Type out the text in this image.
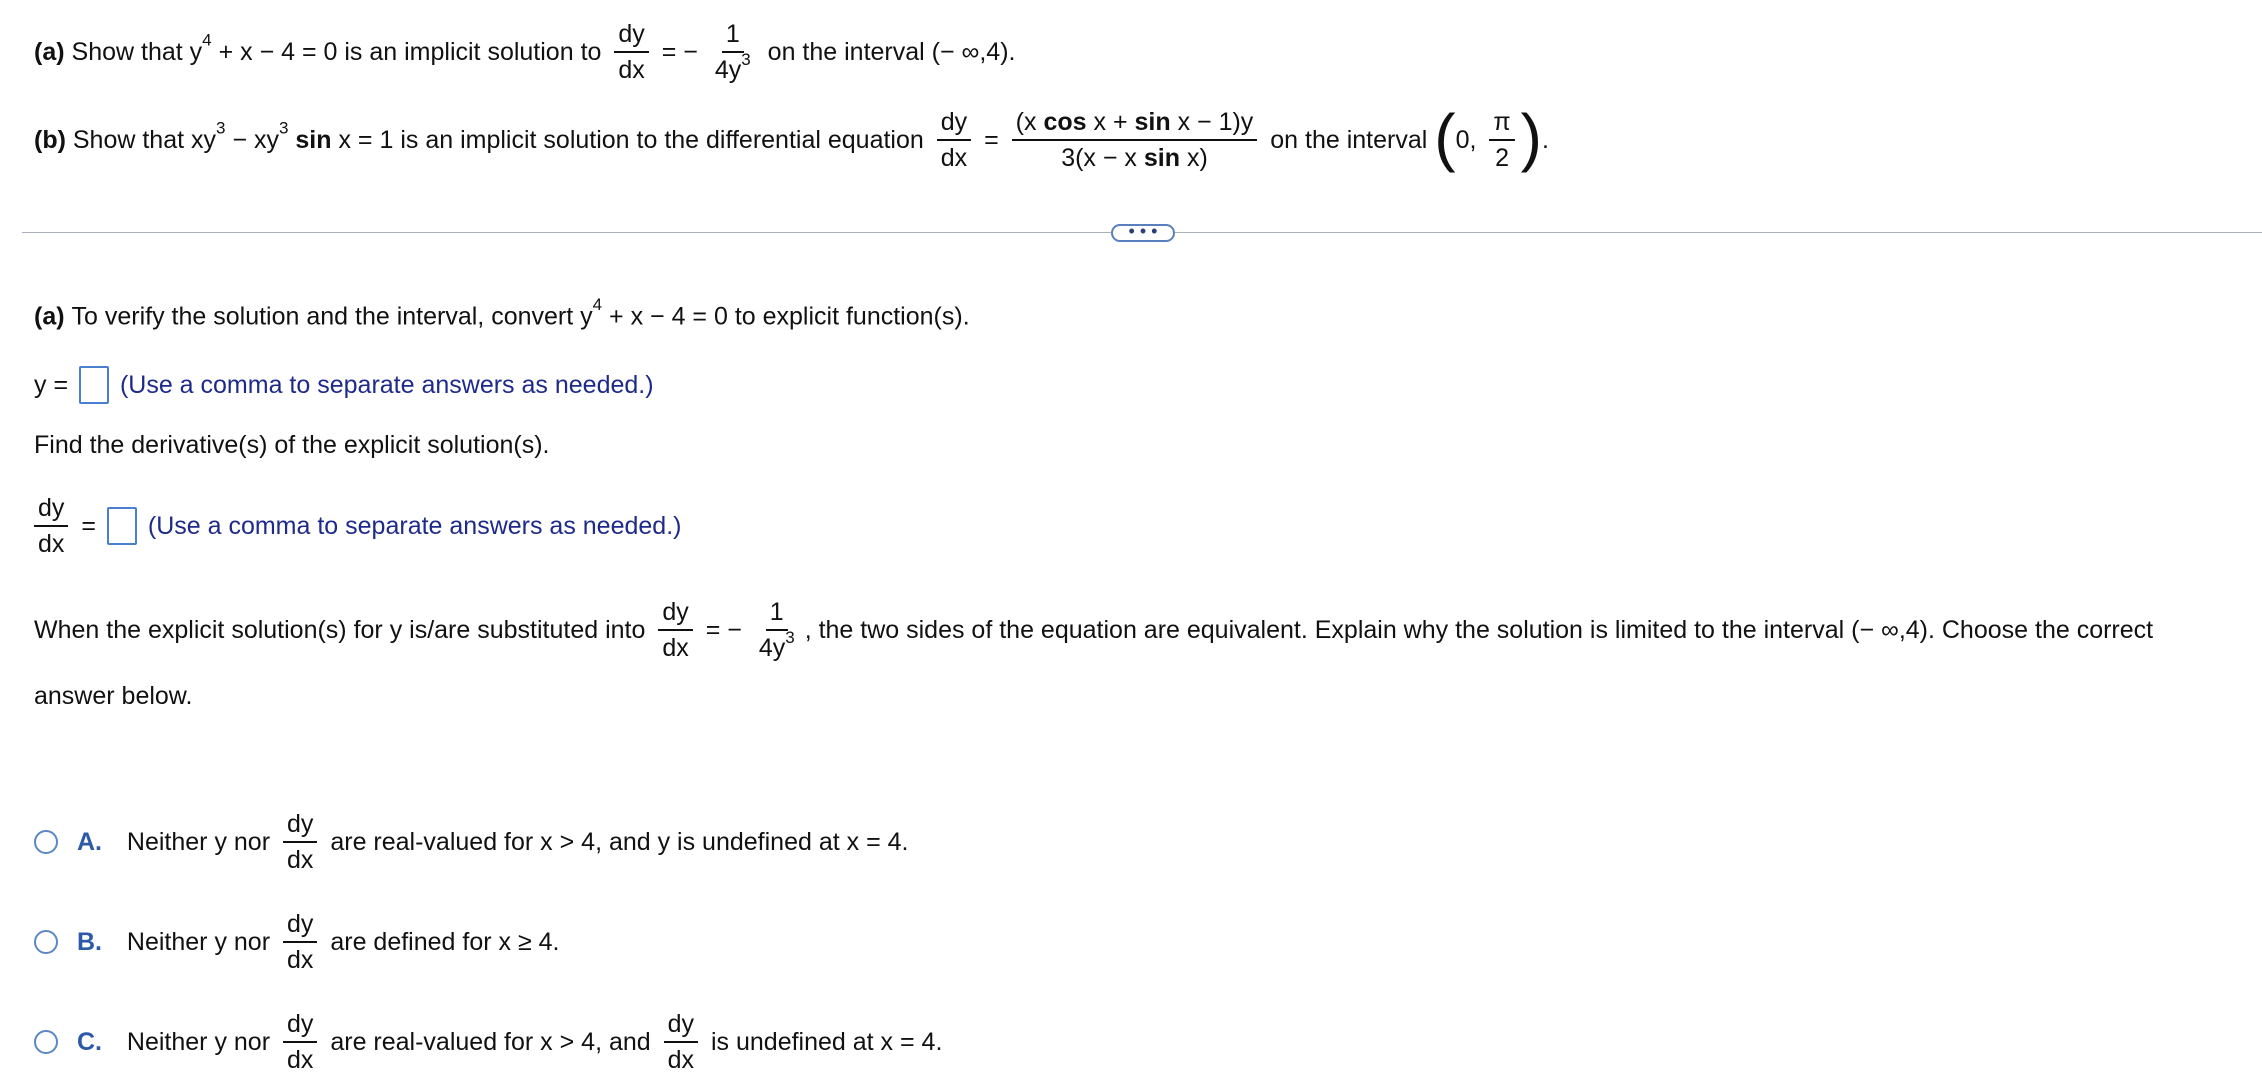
(a) Show that $y^4 + x - 4 = 0$ is an implicit solution to $\frac{dy}{dx}$ = − $\frac{1}{4y^3}$ on the interval (− ∞,4).
(b) Show that $xy^3 - xy^3$ sin x = 1 is an implicit solution to the differential equation $\frac{dy}{dx} = \frac{\text{(x cos x + sin x − 1)y}}{\text{3(x − x sin x)}}$ on the interval (0, $\frac{\pi}{2}$ ).
• • •
(a) To verify the solution and the interval, convert $y^4 + x - 4 = 0$ to explicit function(s).
y = (Use a comma to separate answers as needed.)
Find the derivative(s) of the explicit solution(s).
$\frac{dy}{dx} = (Use$ a comma to separate answers as needed.)
When the explicit solution(s) for y is/are substituted into $\frac{dy}{dx}$ = − $\frac{1}{4y^3}$ , the two sides of the equation are equivalent. Explain why the solution is limited to the interval (− ∞,4). Choose the correct
answer below.
A. Neither y nor $\frac{dy}{dx}$ are real-valued for x > 4, and y is undefined at x = 4.
B. Neither y nor $\frac{dy}{dx}$ are defined for x ≥ 4.
C. Neither y nor $\frac{dy}{dx}$ are real-valued for x > 4, and $\frac{dy}{dx}$ is undefined at x = 4.
